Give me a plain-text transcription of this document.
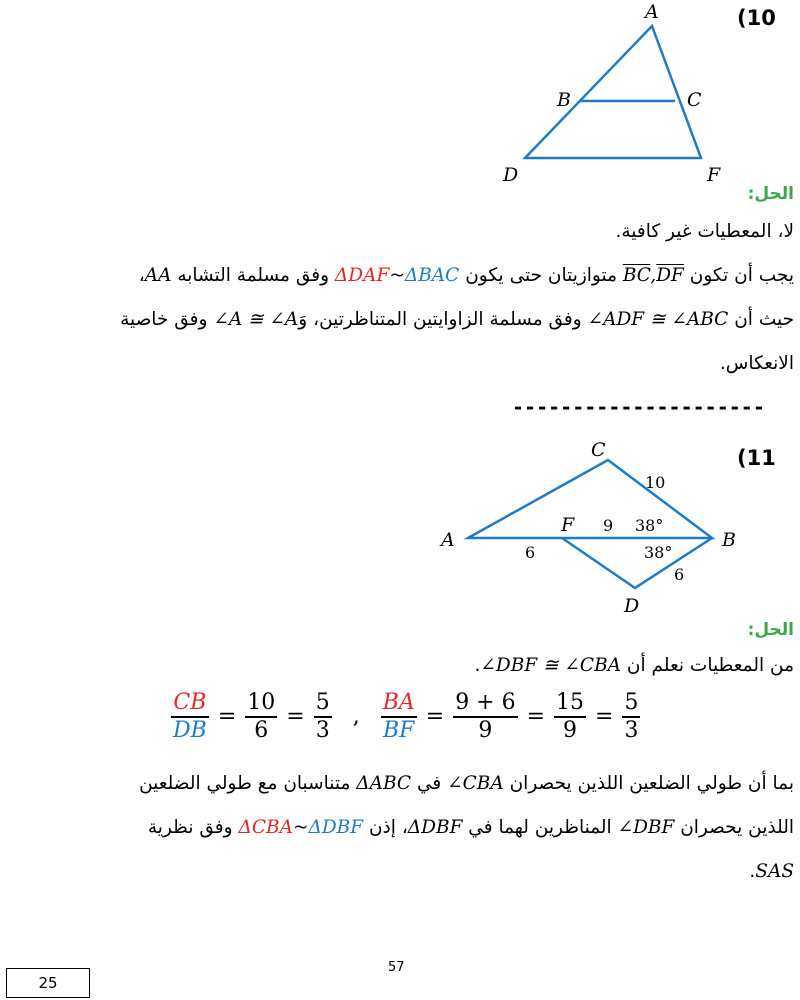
(10
A
B	C
D	F
الحل:
لا، المعطيات غير كافية.
يجب أن تكون $\overline{BC},\overline{DF}$ متوازيتان حتى يكون ΔDAF~ΔBAC وفق مسلمة التشابه AA،
حيث أن ∠ADF ≅ ∠ABC وفق مسلمة الزاوايتين المتناظرتين، وَ∠A ≅ ∠A وفق خاصية
الانعكاس.
---------------------
(11
C
A	B
F
D
10
9 38°
6	38°
6
الحل:
من المعطيات نعلم أن ∠DBF ≅ ∠CBA.
$\frac{CB}{DB} = \frac{10}{6} = \frac{5}{3}$ , $\frac{BA}{BF} = \frac{9 + 6}{9} = \frac{15}{9} = \frac{5}{3}$
بما أن طولي الضلعين اللذين يحصران ∠CBA في ΔABC متناسبان مع طولي الضلعين
اللذين يحصران ∠DBF المناظرين لهما في ΔDBF، إذن ΔCBA~ΔDBF وفق نظرية
SAS.
57
25
